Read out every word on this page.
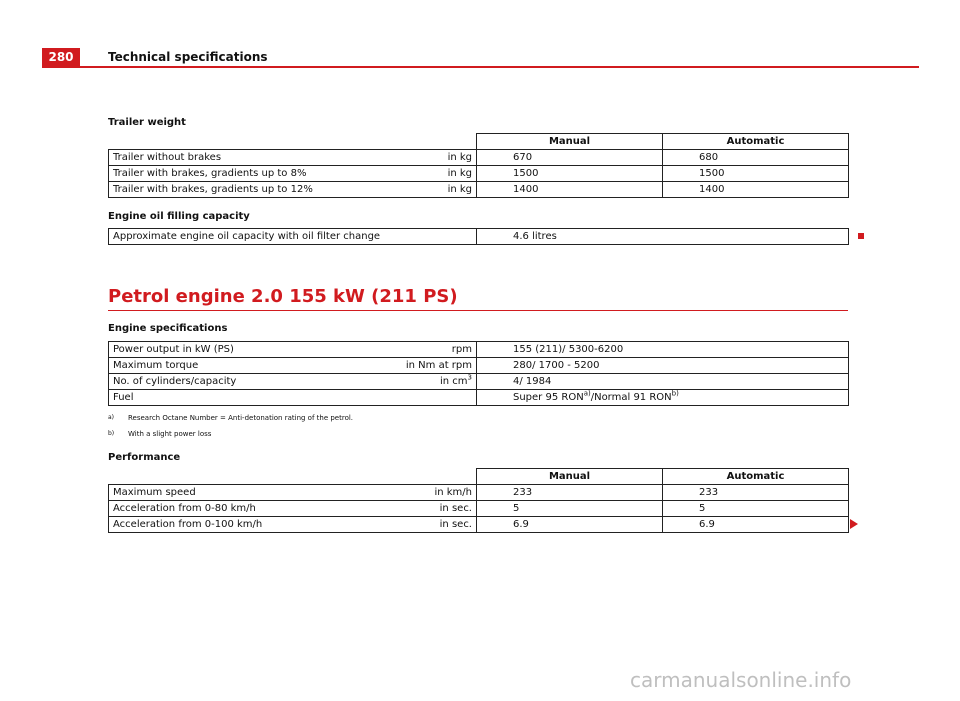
280	Technical specifications
Trailer weight
		Manual	Automatic
Trailer without brakes	in kg	670	680
Trailer with brakes, gradients up to 8%	in kg	1500	1500
Trailer with brakes, gradients up to 12%	in kg	1400	1400
Engine oil filling capacity
Approximate engine oil capacity with oil filter change	4.6 litres
Petrol engine 2.0 155 kW (211 PS)
Engine specifications
Power output in kW (PS)	rpm	155 (211)/ 5300-6200
Maximum torque	in Nm at rpm	280/ 1700 - 5200
No. of cylinders/capacity	in $cm^3$	4/ 1984
Fuel		Super 95 RON$^{a)}$/Normal 91 RON$^{b)}$
a) Research Octane Number = Anti-detonation rating of the petrol.
b) With a slight power loss
Performance
		Manual	Automatic
Maximum speed	in km/h	233	233
Acceleration from 0-80 km/h	in sec.	5	5
Acceleration from 0-100 km/h	in sec.	6.9	6.9
carmanualsonline.info
